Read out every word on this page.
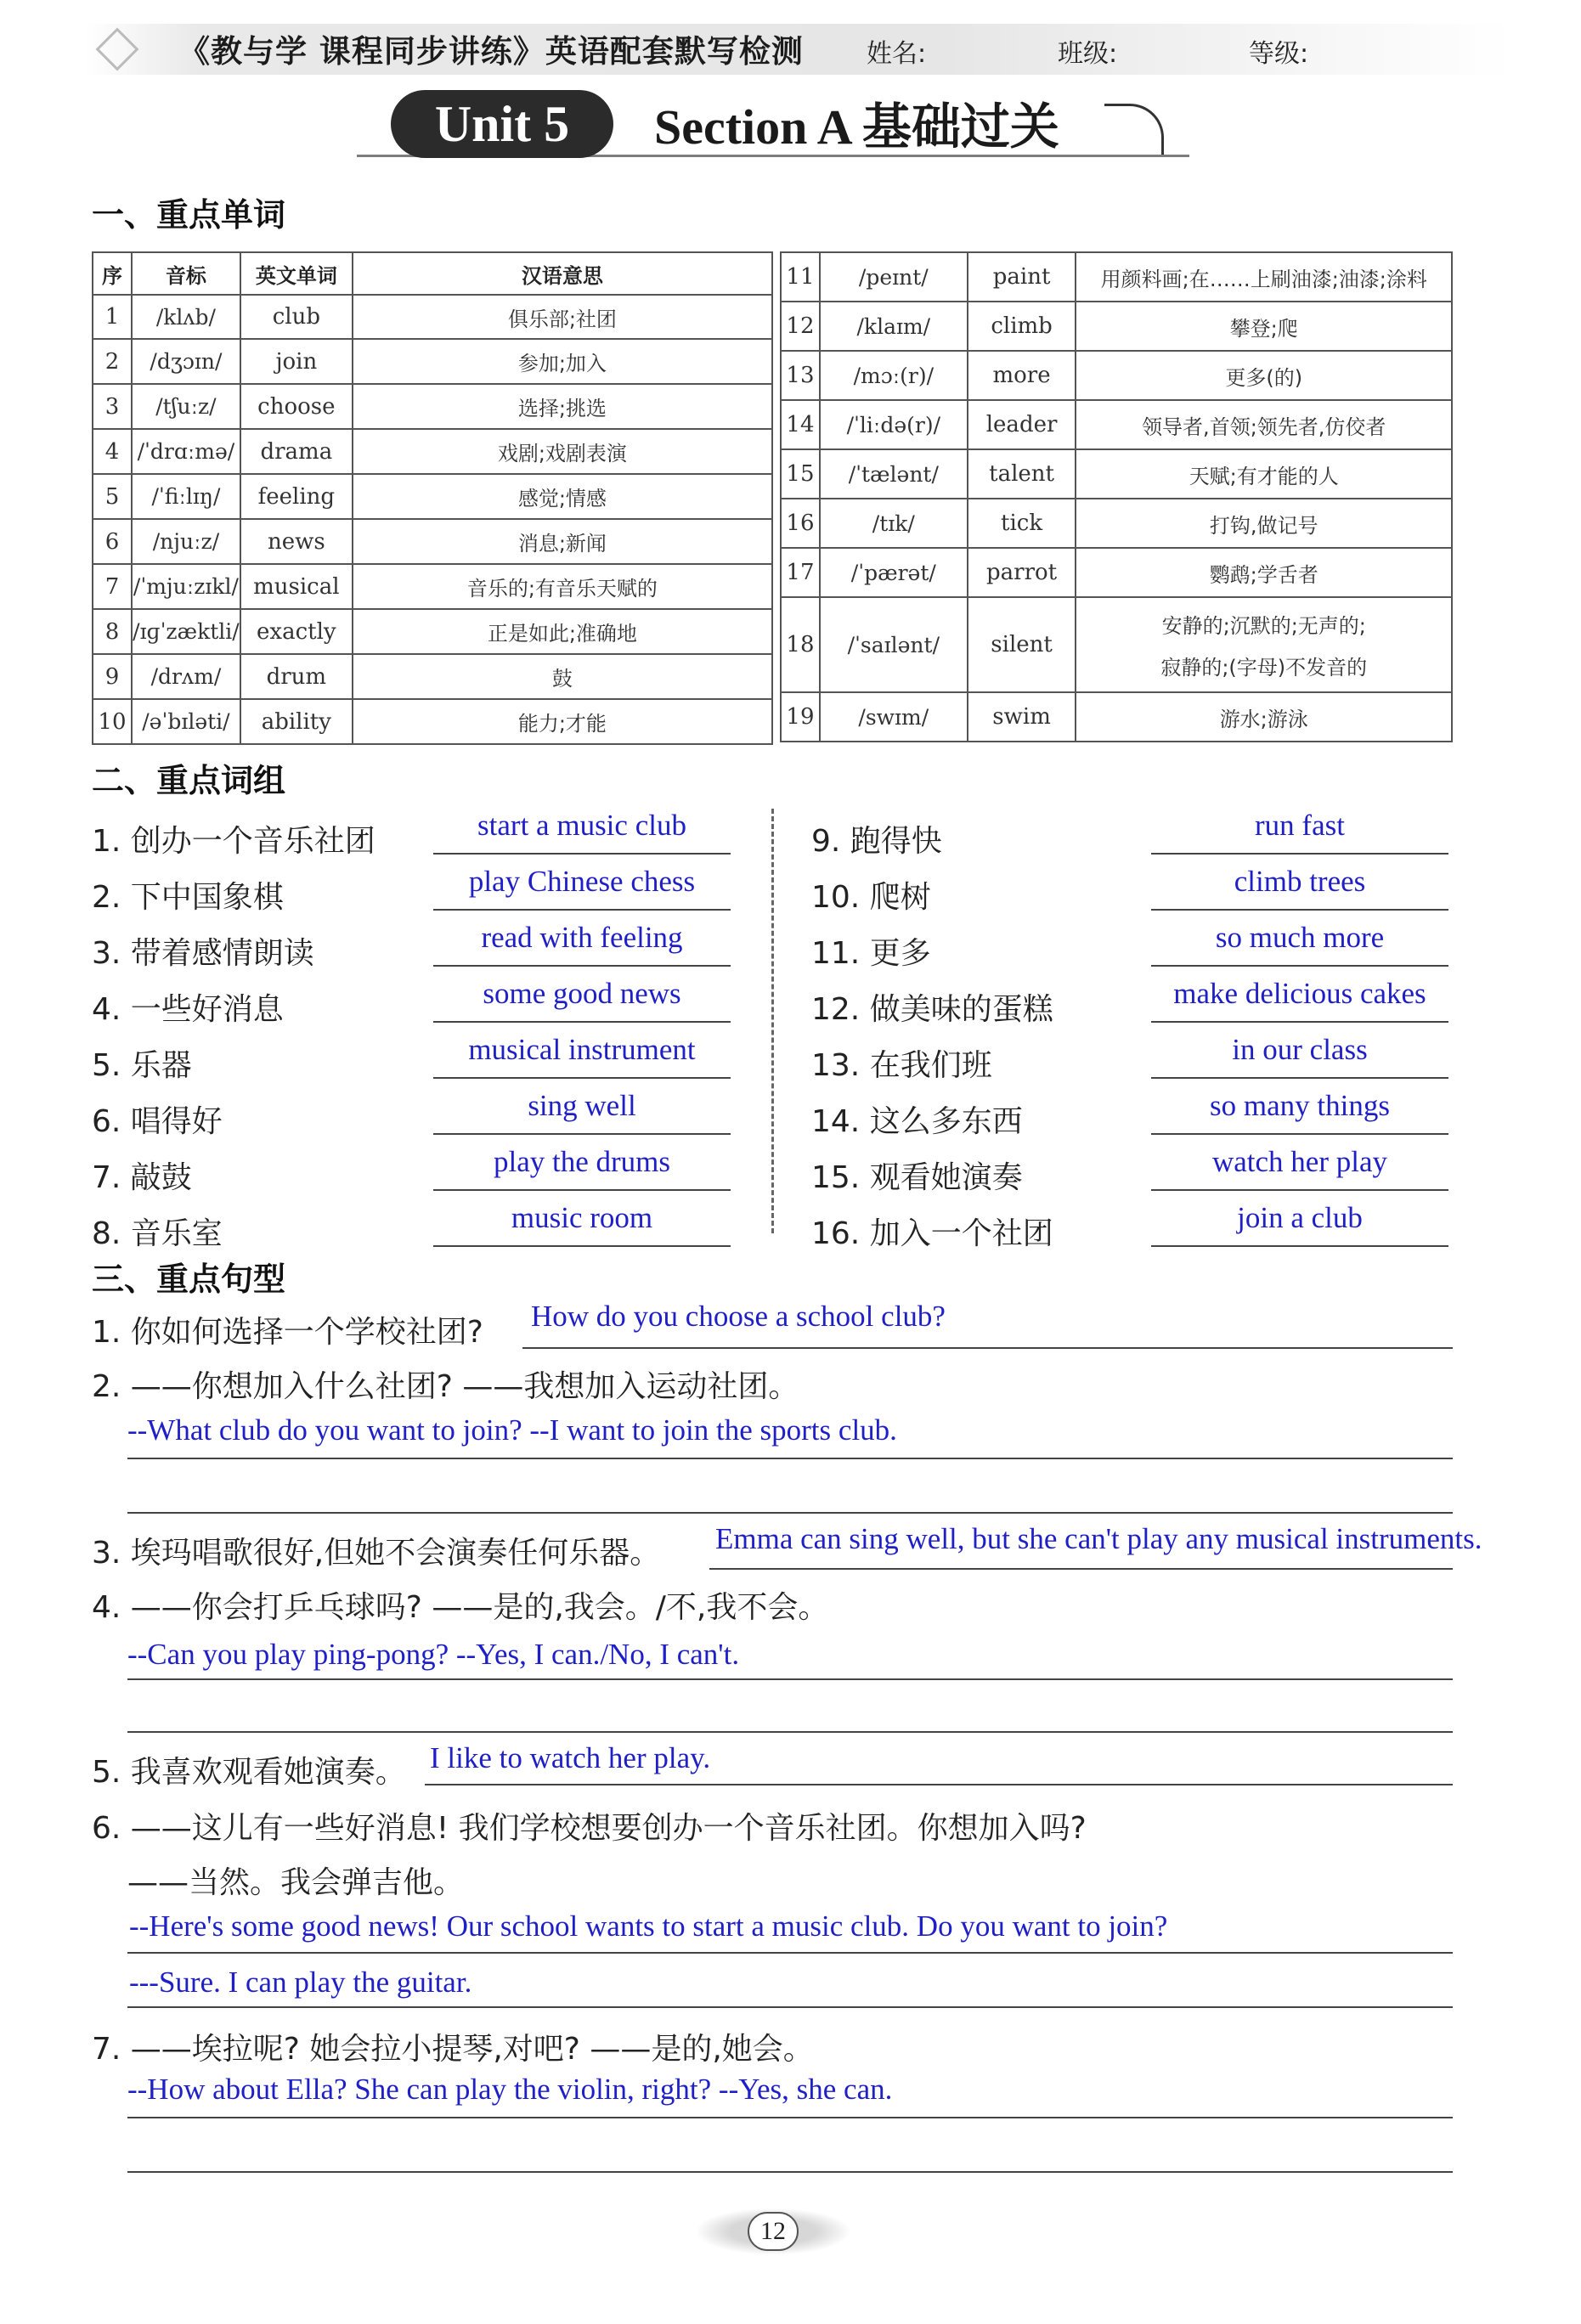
《教与学 课程同步讲练》英语配套默写检测 姓名:	班级:	等级:
Unit 5	Section A 基础过关
一、重点单词
序	音标	英文单词	汉语意思
1	/klʌb/	club	俱乐部;社团
2	/dʒɔɪn/	join	参加;加入
3	/tʃuːz/	choose	选择;挑选
4	/ˈdrɑːmə/	drama	戏剧;戏剧表演
5	/ˈfiːlɪŋ/	feeling	感觉;情感
6	/njuːz/	news	消息;新闻
7	/ˈmjuːzɪkl/	musical	音乐的;有音乐天赋的
8	/ɪɡˈzæktli/	exactly	正是如此;准确地
9	/drʌm/	drum	鼓
10	/əˈbɪləti/	ability	能力;才能
11	/peɪnt/	paint	用颜料画;在……上刷油漆;油漆;涂料
12	/klaɪm/	climb	攀登;爬
13	/mɔː(r)/	more	更多(的)
14	/ˈliːdə(r)/	leader	领导者,首领;领先者,仿佼者
15	/ˈtælənt/	talent	天赋;有才能的人
16	/tɪk/	tick	打钩,做记号
17	/ˈpærət/	parrot	鹦鹉;学舌者
18	/ˈsaɪlənt/	silent	安静的;沉默的;无声的;
寂静的;(字母)不发音的

19	/swɪm/	swim	游水;游泳
二、重点词组
1. 创办一个音乐社团	start a music club
2. 下中国象棋	play Chinese chess
3. 带着感情朗读	read with feeling
4. 一些好消息	some good news
5. 乐器	musical instrument
6. 唱得好	sing well
7. 敲鼓	play the drums
8. 音乐室	music room
9. 跑得快	run fast
10. 爬树	climb trees
11. 更多	so much more
12. 做美味的蛋糕	make delicious cakes
13. 在我们班	in our class
14. 这么多东西	so many things
15. 观看她演奏	watch her play
16. 加入一个社团	join a club
三、重点句型
1. 你如何选择一个学校社团? How do you choose a school club?
2. ——你想加入什么社团? ——我想加入运动社团。
--What club do you want to join? --I want to join the sports club.
3. 埃玛唱歌很好,但她不会演奏任何乐器。 Emma can sing well, but she can't play any musical instruments.
4. ——你会打乒乓球吗? ——是的,我会。/不,我不会。
--Can you play ping-pong? --Yes, I can./No, I can't.
5. 我喜欢观看她演奏。 I like to watch her play.
6. ——这儿有一些好消息! 我们学校想要创办一个音乐社团。你想加入吗?
——当然。我会弹吉他。
--Here's some good news! Our school wants to start a music club. Do you want to join?
---Sure. I can play the guitar.
7. ——埃拉呢? 她会拉小提琴,对吧? ——是的,她会。
--How about Ella? She can play the violin, right? --Yes, she can.
12
